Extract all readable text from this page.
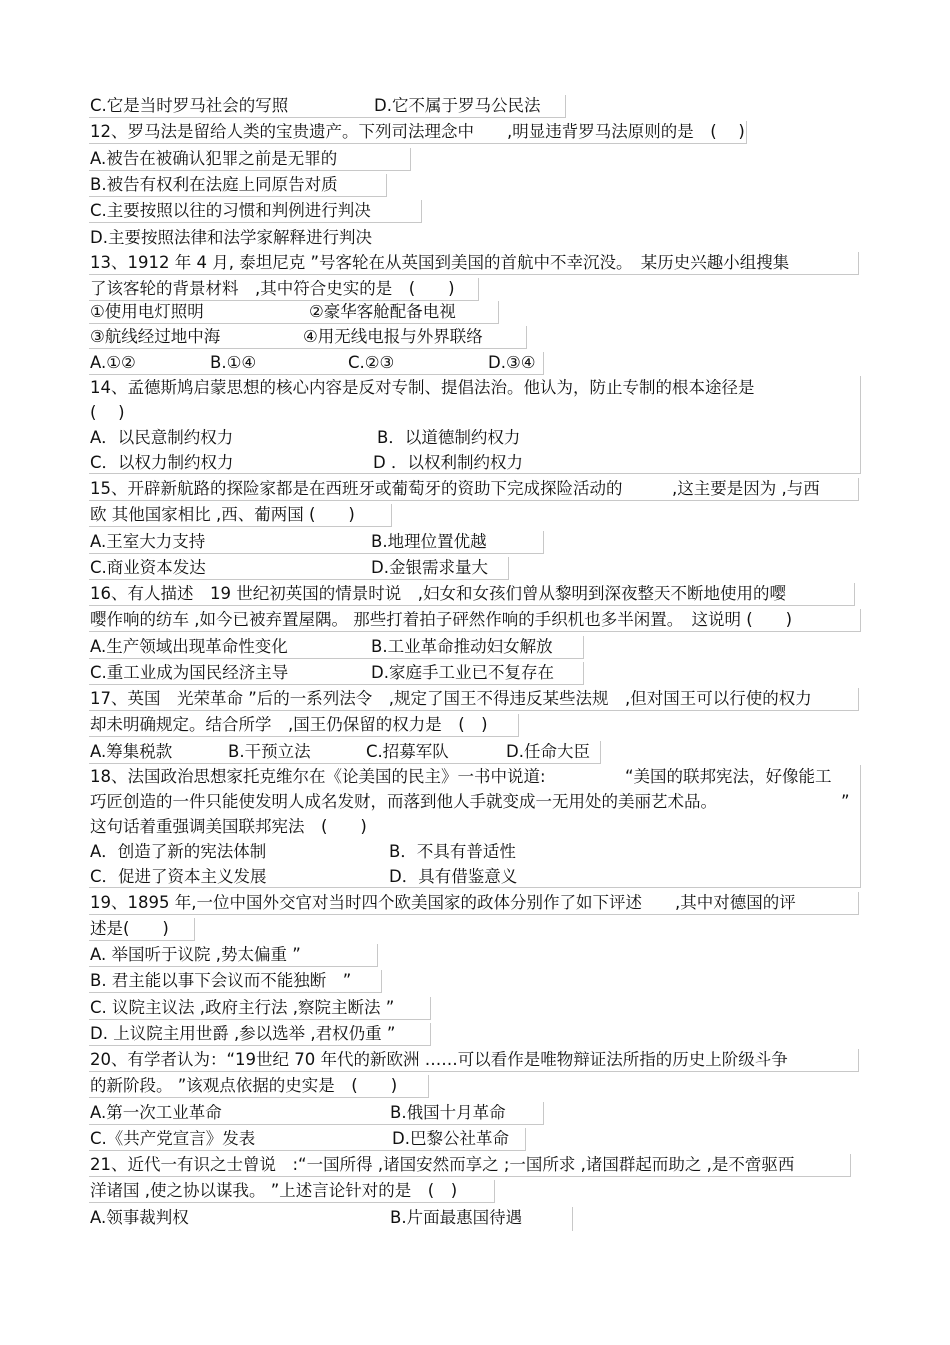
C.它是当时罗马社会的写照	D.它不属于罗马公民法
12、罗马法是留给人类的宝贵遗产。下列司法理念中　　,明显违背罗马法原则的是　(　 )
A.被告在被确认犯罪之前是无罪的
B.被告有权利在法庭上同原告对质
C.主要按照以往的习惯和判例进行判决
D.主要按照法律和法学家解释进行判决
13、1912 年 4 月, 泰坦尼克 ”号客轮在从英国到美国的首航中不幸沉没。　某历史兴趣小组搜集
了该客轮的背景材料　,其中符合史实的是　(　　)
①使用电灯照明	②豪华客舱配备电视
③航线经过地中海	④用无线电报与外界联络
A.①②	B.①④	C.②③	D.③④
14、孟德斯鸠启蒙思想的核心内容是反对专制、提倡法治。他认为，防止专制的根本途径是
(　 )
A．以民意制约权力	B．以道德制约权力
C．以权力制约权力	D ．以权利制约权力
15、开辟新航路的探险家都是在西班牙或葡萄牙的资助下完成探险活动的　　　,这主要是因为 ,与西
欧 其他国家相比 ,西、葡两国 (　　)
A.王室大力支持	B.地理位置优越
C.商业资本发达	D.金银需求量大
16、有人描述　19 世纪初英国的情景时说　,妇女和女孩们曾从黎明到深夜整天不断地使用的嘤
嘤作响的纺车 ,如今已被弃置屋隅。 那些打着拍子砰然作响的手织机也多半闲置。　这说明 (　　)
A.生产领域出现革命性变化	B.工业革命推动妇女解放
C.重工业成为国民经济主导	D.家庭手工业已不复存在
17、英国　光荣革命 ”后的一系列法令　,规定了国王不得违反某些法规　,但对国王可以行使的权力
却未明确规定。结合所学　,国王仍保留的权力是　(　)
A.筹集税款	B.干预立法	C.招募军队	D.任命大臣
18、法国政治思想家托克维尔在《论美国的民主》一书中说道:	“美国的联邦宪法，好像能工
巧匠创造的一件只能使发明人成名发财，而落到他人手就变成一无用处的美丽艺术品。	”
这句话着重强调美国联邦宪法　(　　)
A．创造了新的宪法体制	B．不具有普适性
C．促进了资本主义发展	D．具有借鉴意义
19、1895 年,一位中国外交官对当时四个欧美国家的政体分别作了如下评述　　,其中对德国的评
述是(　　)
A. 举国听于议院 ,势太偏重 ”
B. 君主能以事下会议而不能独断　”
C. 议院主议法 ,政府主行法 ,察院主断法 ”
D. 上议院主用世爵 ,参以选举 ,君权仍重 ”
20、有学者认为：“19世纪 70 年代的新欧洲 ……可以看作是唯物辩证法所指的历史上阶级斗争
的新阶段。 ”该观点依据的史实是　(　　)
A.第一次工业革命	B.俄国十月革命
C.《共产党宣言》发表	D.巴黎公社革命
21、近代一有识之士曾说　:“一国所得 ,诸国安然而享之 ;一国所求 ,诸国群起而助之 ,是不啻驱西
洋诸国 ,使之协以谋我。 ”上述言论针对的是　(　)
A.领事裁判权	B.片面最惠国待遇
